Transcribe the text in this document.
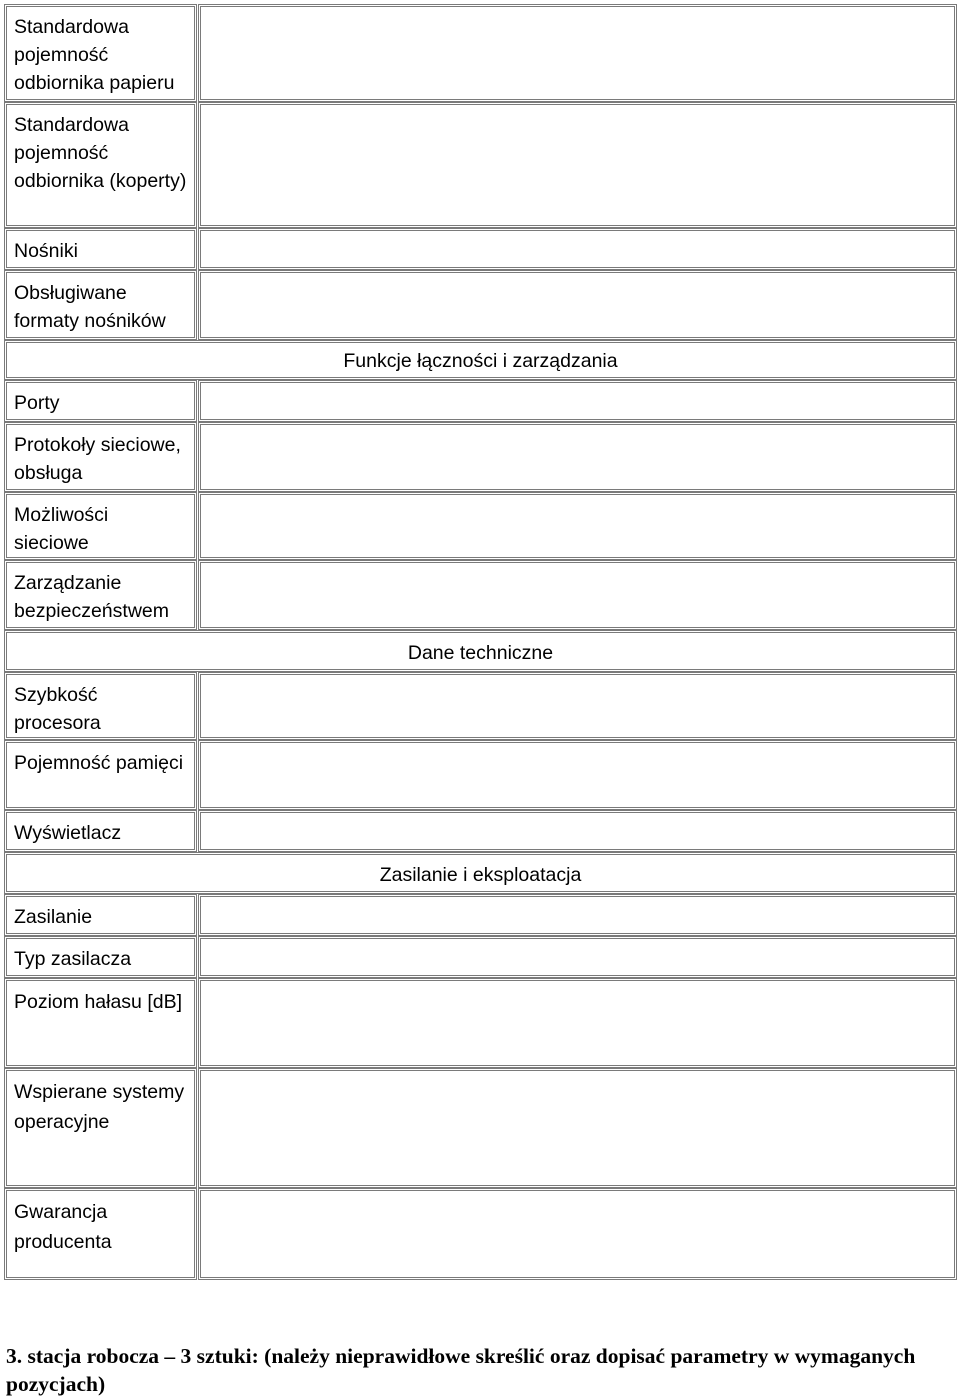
Standardowa pojemność odbiornika papieru
Standardowa pojemność odbiornika (koperty)
Nośniki
Obsługiwane formaty nośników
Funkcje łączności i zarządzania
Porty
Protokoły sieciowe, obsługa
Możliwości sieciowe
Zarządzanie bezpieczeństwem
Dane techniczne
Szybkość procesora
Pojemność pamięci
Wyświetlacz
Zasilanie i eksploatacja
Zasilanie
Typ zasilacza
Poziom hałasu [dB]
Wspierane systemy operacyjne
Gwarancja producenta
3. stacja robocza – 3 sztuki: (należy nieprawidłowe skreślić oraz dopisać parametry w wymaganych pozycjach)
